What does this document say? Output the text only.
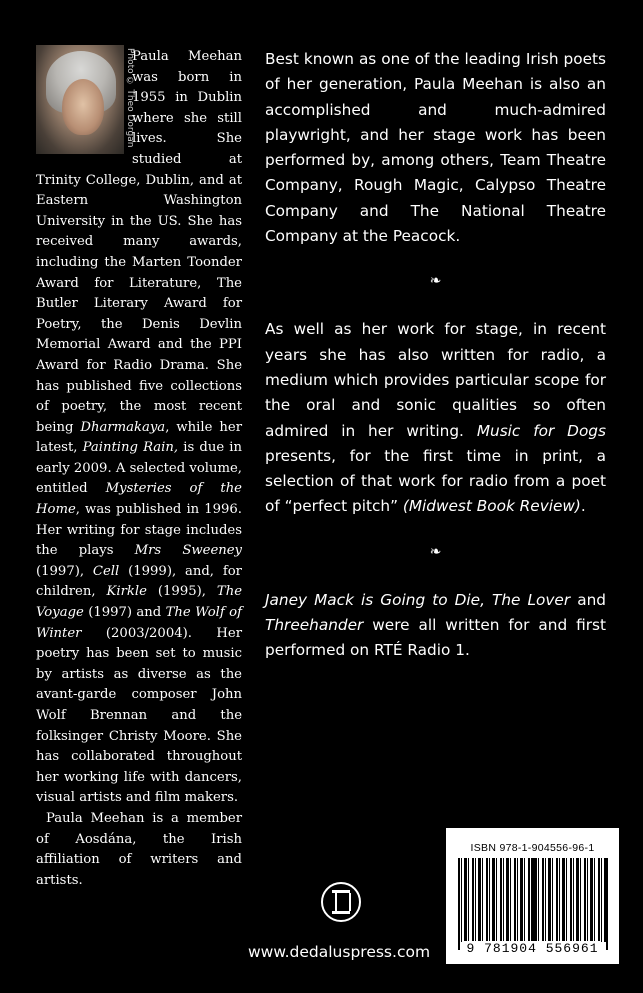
Photo © Theo Dorgan

Paula Meehan was born in 1955 in Dublin where she still lives. She studied at Trinity College, Dublin, and at Eastern Washington University in the US. She has received many awards, including the Marten Toonder Award for Literature, The Butler Literary Award for Poetry, the Denis Devlin Memorial Award and the PPI Award for Radio Drama. She has published five collections of poetry, the most recent being Dharmakaya, while her latest, Painting Rain, is due in early 2009. A selected volume, entitled Mysteries of the Home, was published in 1996. Her writing for stage includes the plays Mrs Sweeney (1997), Cell (1999), and, for children, Kirkle (1995), The Voyage (1997) and The Wolf of Winter (2003/2004). Her poetry has been set to music by artists as diverse as the avant-garde composer John Wolf Brennan and the folksinger Christy Moore. She has collaborated throughout her working life with dancers, visual artists and film makers.

Paula Meehan is a member of Aosdána, the Irish affiliation of writers and artists.

Best known as one of the leading Irish poets of her generation, Paula Meehan is also an accomplished and much-admired playwright, and her stage work has been performed by, among others, Team Theatre Company, Rough Magic, Calypso Theatre Company and The National Theatre Company at the Peacock.

❧

As well as her work for stage, in recent years she has also written for radio, a medium which provides particular scope for the oral and sonic qualities so often admired in her writing. Music for Dogs presents, for the first time in print, a selection of that work for radio from a poet of “perfect pitch” (Midwest Book Review).

❧

Janey Mack is Going to Die, The Lover and Threehander were all written for and first performed on RTÉ Radio 1.

www.dedaluspress.com
ISBN 978-1-904556-96-1
9 781904 556961
